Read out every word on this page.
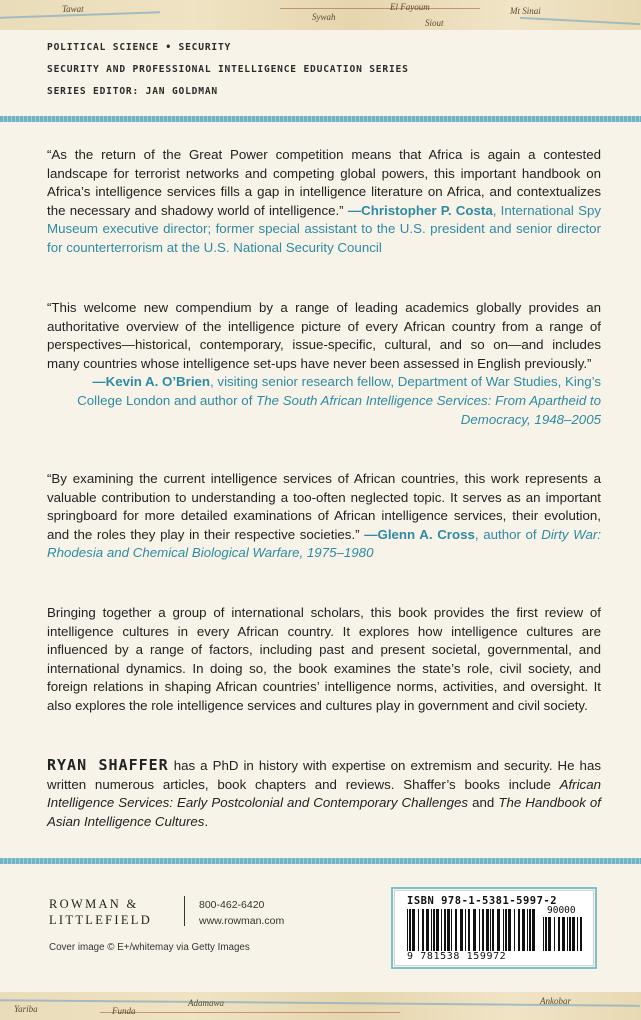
Tawat
Sywah
Siout
El Fayoum	Mt Sinai
POLITICAL SCIENCE • SECURITY
SECURITY AND PROFESSIONAL INTELLIGENCE EDUCATION SERIES
SERIES EDITOR: JAN GOLDMAN
“As the return of the Great Power competition means that Africa is again a contested landscape for terrorist networks and competing global powers, this important handbook on Africa’s intelligence services fills a gap in intelligence literature on Africa, and contextualizes the necessary and shadowy world of intelligence.” —Christopher P. Costa, International Spy Museum executive director; former special assistant to the U.S. president and senior director for counterterrorism at the U.S. National Security Council
“This welcome new compendium by a range of leading academics globally provides an authoritative overview of the intelligence picture of every African country from a range of perspectives—historical, contemporary, issue-specific, cultural, and so on—and includes many countries whose intelligence set-ups have never been assessed in English previously.”
—Kevin A. O’Brien, visiting senior research fellow, Department of War Studies, King’s College London and author of The South African Intelligence Services: From Apartheid to Democracy, 1948–2005
“By examining the current intelligence services of African countries, this work represents a valuable contribution to understanding a too-often neglected topic. It serves as an important springboard for more detailed examinations of African intelligence services, their evolution, and the roles they play in their respective societies.” —Glenn A. Cross, author of Dirty War: Rhodesia and Chemical Biological Warfare, 1975–1980
Bringing together a group of international scholars, this book provides the first review of intelligence cultures in every African country. It explores how intelligence cultures are influenced by a range of factors, including past and present societal, governmental, and international dynamics. In doing so, the book examines the state’s role, civil society, and foreign relations in shaping African countries’ intelligence norms, activities, and oversight. It also explores the role intelligence services and cultures play in government and civil society.
RYAN SHAFFER has a PhD in history with expertise on extremism and security. He has written numerous articles, book chapters and reviews. Shaffer’s books include African Intelligence Services: Early Postcolonial and Contemporary Challenges and The Handbook of Asian Intelligence Cultures.
ROWMAN &
LITTLEFIELD
800-462-6420
www.rowman.com
Cover image © E+/whitemay via Getty Images
ISBN 978-1-5381-5997-2
90000
9 781538 159972
Yariba	Funda
Adamawa	Ankobar
